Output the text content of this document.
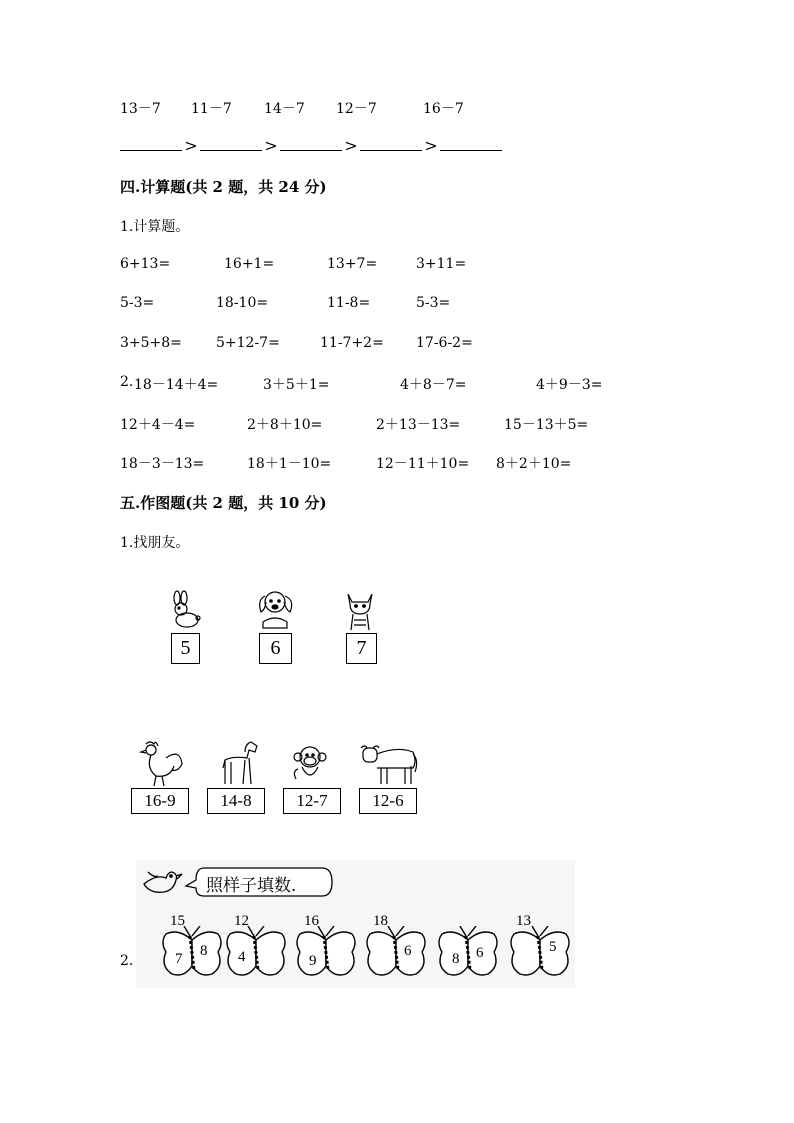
13－7 11－7 14－7 12－7	16－7
>	>	>	>
四.计算题(共 2 题，共 24 分)
1.计算题。
6+13=	16+1=	13+7=	3+11=
5-3=	18-10=	11-8=	5-3=
3+5+8= 5+12-7=	11-7+2= 17-6-2=
2. 18－14＋4=	3＋5＋1=	4＋8－7=	4＋9－3=
12＋4－4=	2＋8＋10=	2＋13－13=	15－13＋5=
18－3－13=	18＋1－10=	12－11＋10= 8＋2＋10=
五.作图题(共 2 题，共 10 分)
1.找朋友。
5	6	7
16-9	14-8	12-7	12-6
2.
照样子填数.
15
7 8
12
4
16
9
18
6	8 6
13
5
